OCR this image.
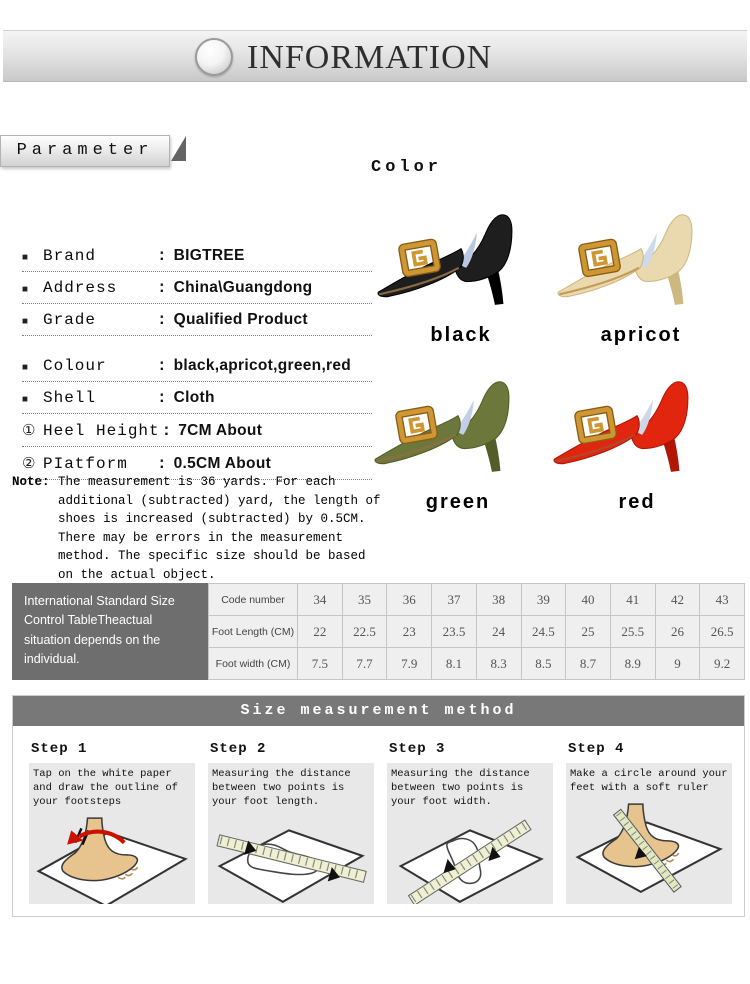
INFORMATION
Parameter
Color
■ Brand	: BIGTREE
■ Address	: China\Guangdong
■ Grade	: Qualified Product
■ Colour	: black,apricot,green,red
■ Shell	: Cloth
① Heel Height : 7CM About
② PIatform	: 0.5CM About
Note: The measurement is 36 yards. For each additional (subtracted) yard, the length of shoes is increased (subtracted) by 0.5CM. There may be errors in the measurement method. The specific size should be based on the actual object.

black	apricot
green	red
International Standard Size Control TableTheactual situation depends on the individual.
Code number	34	35	36	37	38	39	40	41	42	43
Foot Length (CM)	22	22.5	23	23.5	24	24.5	25	25.5	26	26.5
Foot width (CM)	7.5	7.7	7.9	8.1	8.3	8.5	8.7	8.9	9	9.2
Size measurement method

Step 1

Tap on the white paper and draw the outline of your footsteps

Step 2

Measuring the distance between two points is your foot length.

Step 3

Measuring the distance between two points is your foot width.

Step 4

Make a circle around your feet with a soft ruler
